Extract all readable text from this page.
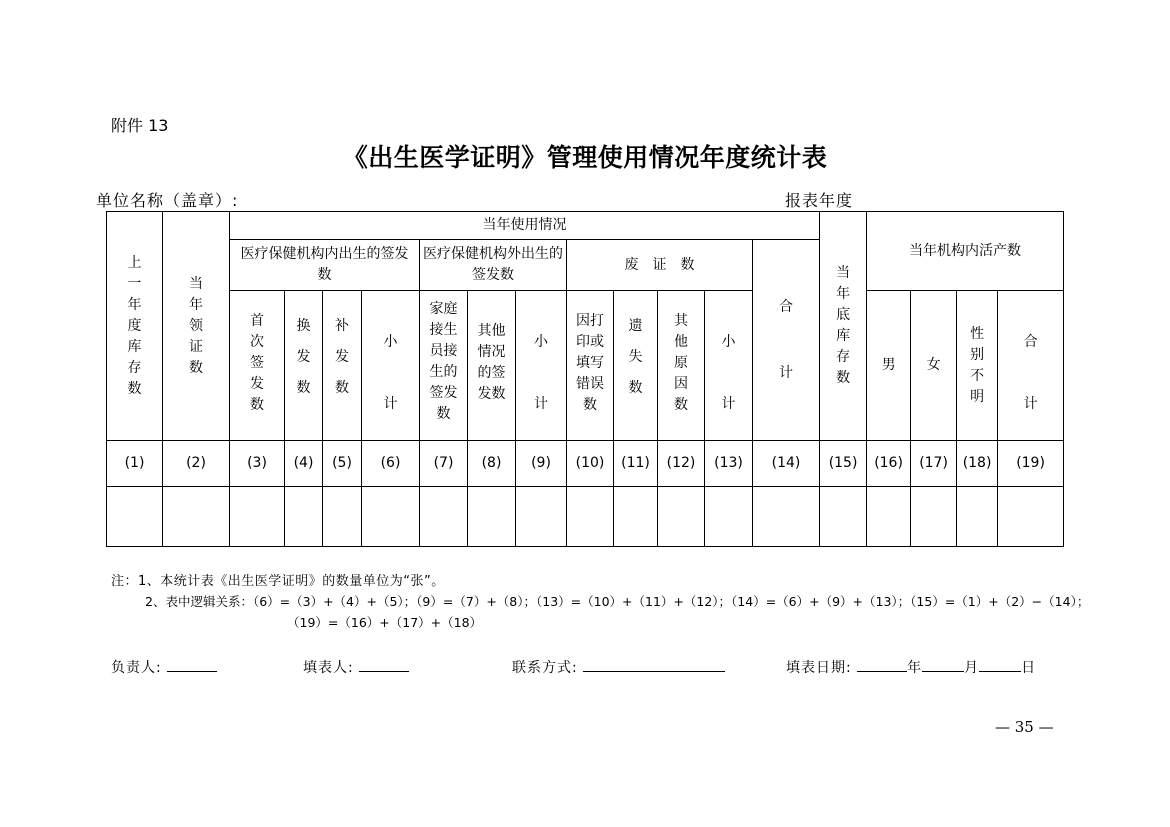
附件 13
《出生医学证明》管理使用情况年度统计表
单位名称（盖章）:	报表年度
上一年度库存数	当年领证数	当年使用情况												当年底库存数	当年机构内活产数			
		医疗保健机构内出生的签发数				医疗保健机构外出生的签发数			废　证　数				合计					
		首次签发数	换发数	补发数	小计	家庭接生员接生的签发数	其他情况的签发数	小计	因打印或填写错误数	遗失数	其他原因数	小计			男	女	性别不明	合计
(1)	(2)	(3)	(4)	(5)	(6)	(7)	(8)	(9)	(10)	(11)	(12)	(13)	(14)	(15)	(16)	(17)	(18)	(19)

注：1、本统计表《出生医学证明》的数量单位为“张”。
2、表中逻辑关系：（6）=（3）+（4）+（5）；（9）=（7）+（8）；（13）=（10）+（11）+（12）；（14）=（6）+（9）+（13）；（15）=（1）+（2）−（14）；
（19）=（16）+（17）+（18）
负责人:	填表人:	联系方式:	填表日期:	年	月	日
— 35 —
